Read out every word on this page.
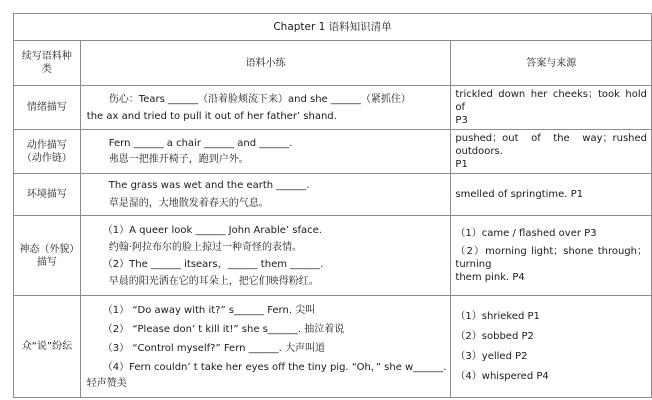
Chapter 1 语料知识清单		
续写语料种类	语料小练	答案与来源
情绪描写	伤心：Tears ______（沿着脸颊流下来）and she ______（紧抓住）
the ax and tried to pull it out of her father’ shand.	trickled down her cheeks；took hold of
P3

动作描写（动作链）	Fern ______ a chair ______ and ______.
弗恩一把推开椅子，跑到户外。	pushed；out of the way；rushed outdoors.
P1

环境描写	The grass was wet and the earth ______.
草是湿的，大地散发着春天的气息。	smelled of springtime. P1

神态（外貌）描写	（1）A queer look ______ John Arable’ sface.
约翰·阿拉布尔的脸上掠过一种奇怪的表情。
（2）The ______ itsears，______ them ______.
早晨的阳光洒在它的耳朵上，把它们映得粉红。	（1）came / flashed over P3
（2）morning light；shone through；turning
them pink. P4

众“说”纷纭	（1） “Do away with it?” s______ Fern. 尖叫
（2） “Please don’ t kill it!” she s______. 抽泣着说
（3） “Control myself?” Fern ______. 大声叫道
（4）Fern couldn’ t take her eyes off the tiny pig. “Oh，” she w______.
轻声赞美	（1）shrieked P1
（2）sobbed P2
（3）yelled P2
（4）whispered P4
